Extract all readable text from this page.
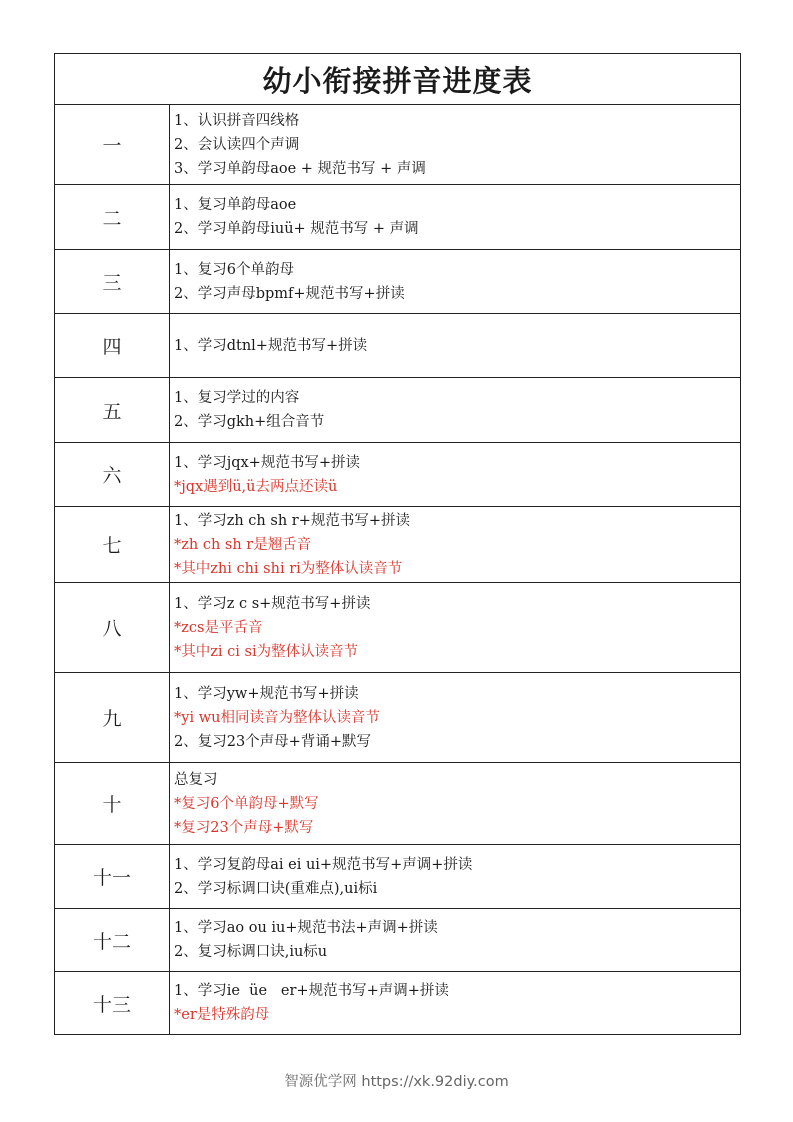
幼小衔接拼音进度表	
一	1、认识拼音四线格
2、会认读四个声调
3、学习单韵母aoe + 规范书写 + 声调

二	1、复习单韵母aoe
2、学习单韵母iuü+ 规范书写 + 声调

三	1、复习6个单韵母
2、学习声母bpmf+规范书写+拼读

四	1、学习dtnl+规范书写+拼读

五	1、复习学过的内容
2、学习gkh+组合音节

六	1、学习jqx+规范书写+拼读
*jqx遇到ü,ü去两点还读ü

七	1、学习zh ch sh r+规范书写+拼读
*zh ch sh r是翘舌音
*其中zhi chi shi ri为整体认读音节

八	1、学习z c s+规范书写+拼读
*zcs是平舌音
*其中zi ci si为整体认读音节

九	1、学习yw+规范书写+拼读
*yi wu相同读音为整体认读音节
2、复习23个声母+背诵+默写

十	总复习
*复习6个单韵母+默写
*复习23个声母+默写

十一	1、学习复韵母ai ei ui+规范书写+声调+拼读
2、学习标调口诀(重难点),ui标i

十二	1、学习ao ou iu+规范书法+声调+拼读
2、复习标调口诀,iu标u

十三	1、学习ie  üe   er+规范书写+声调+拼读
*er是特殊韵母
智源优学网 https://xk.92diy.com
